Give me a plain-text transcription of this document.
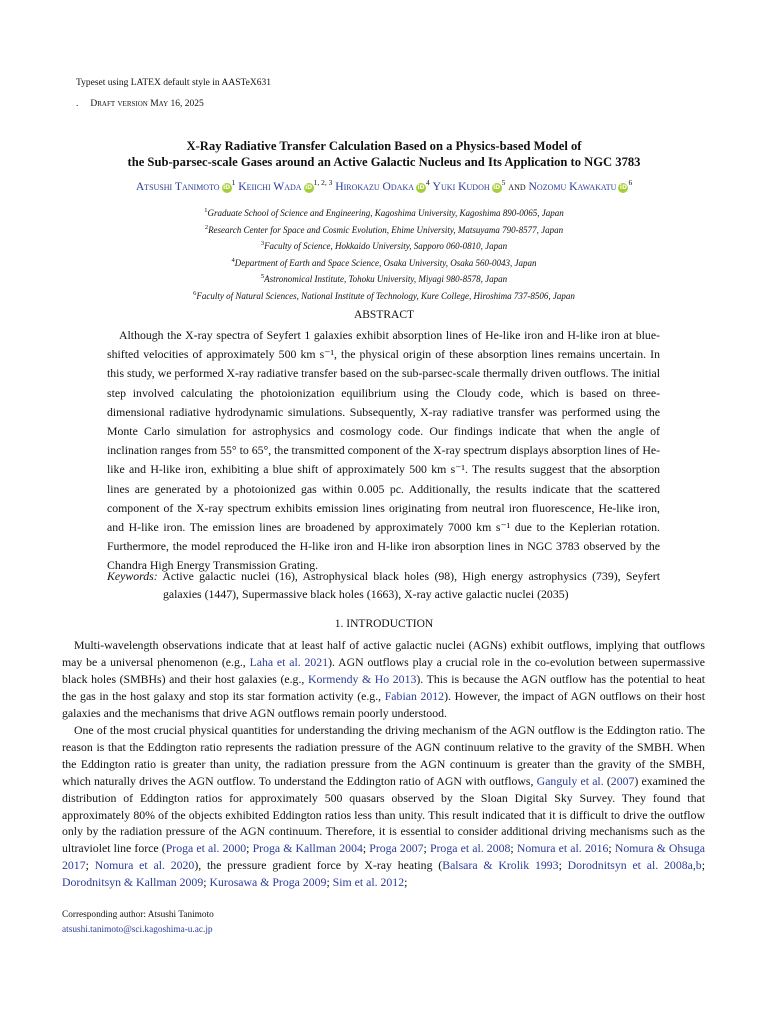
Typeset using LATEX default style in AASTeX631
. Draft version May 16, 2025
X-Ray Radiative Transfer Calculation Based on a Physics-based Model of
the Sub-parsec-scale Gases around an Active Galactic Nucleus and Its Application to NGC 3783
Atsushi Tanimoto $iD^1$ Keiichi Wada iD$^{1, 2, 3}$ Hirokazu Odaka $iD^4$ Yuki Kudoh $iD^5$ and Nozomu Kawakatu $iD^6$
$^1$Graduate School of Science and Engineering, Kagoshima University, Kagoshima 890-0065, Japan
$^2$Research Center for Space and Cosmic Evolution, Ehime University, Matsuyama 790-8577, Japan
$^3$Faculty of Science, Hokkaido University, Sapporo 060-0810, Japan
$^4$Department of Earth and Space Science, Osaka University, Osaka 560-0043, Japan
$^5$Astronomical Institute, Tohoku University, Miyagi 980-8578, Japan
$^6$Faculty of Natural Sciences, National Institute of Technology, Kure College, Hiroshima 737-8506, Japan
ABSTRACT
Although the X-ray spectra of Seyfert 1 galaxies exhibit absorption lines of He-like iron and H-like iron at blue-shifted velocities of approximately 500 km s⁻¹, the physical origin of these absorption lines remains uncertain. In this study, we performed X-ray radiative transfer based on the sub-parsec-scale thermally driven outflows. The initial step involved calculating the photoionization equilibrium using the Cloudy code, which is based on three-dimensional radiative hydrodynamic simulations. Subsequently, X-ray radiative transfer was performed using the Monte Carlo simulation for astrophysics and cosmology code. Our findings indicate that when the angle of inclination ranges from 55° to 65°, the transmitted component of the X-ray spectrum displays absorption lines of He-like and H-like iron, exhibiting a blue shift of approximately 500 km s⁻¹. The results suggest that the absorption lines are generated by a photoionized gas within 0.005 pc. Additionally, the results indicate that the scattered component of the X-ray spectrum exhibits emission lines originating from neutral iron fluorescence, He-like iron, and H-like iron. The emission lines are broadened by approximately 7000 km s⁻¹ due to the Keplerian rotation. Furthermore, the model reproduced the H-like iron and H-like iron absorption lines in NGC 3783 observed by the Chandra High Energy Transmission Grating.
Keywords: Active galactic nuclei (16), Astrophysical black holes (98), High energy astrophysics (739), Seyfert galaxies (1447), Supermassive black holes (1663), X-ray active galactic nuclei (2035)
1. INTRODUCTION

Multi-wavelength observations indicate that at least half of active galactic nuclei (AGNs) exhibit outflows, implying that outflows may be a universal phenomenon (e.g., Laha et al. 2021). AGN outflows play a crucial role in the co-evolution between supermassive black holes (SMBHs) and their host galaxies (e.g., Kormendy & Ho 2013). This is because the AGN outflow has the potential to heat the gas in the host galaxy and stop its star formation activity (e.g., Fabian 2012). However, the impact of AGN outflows on their host galaxies and the mechanisms that drive AGN outflows remain poorly understood.

One of the most crucial physical quantities for understanding the driving mechanism of the AGN outflow is the Eddington ratio. The reason is that the Eddington ratio represents the radiation pressure of the AGN continuum relative to the gravity of the SMBH. When the Eddington ratio is greater than unity, the radiation pressure from the AGN continuum is greater than the gravity of the SMBH, which naturally drives the AGN outflow. To understand the Eddington ratio of AGN with outflows, Ganguly et al. (2007) examined the distribution of Eddington ratios for approximately 500 quasars observed by the Sloan Digital Sky Survey. They found that approximately 80% of the objects exhibited Eddington ratios less than unity. This result indicated that it is difficult to drive the outflow only by the radiation pressure of the AGN continuum. Therefore, it is essential to consider additional driving mechanisms such as the ultraviolet line force (Proga et al. 2000; Proga & Kallman 2004; Proga 2007; Proga et al. 2008; Nomura et al. 2016; Nomura & Ohsuga 2017; Nomura et al. 2020), the pressure gradient force by X-ray heating (Balsara & Krolik 1993; Dorodnitsyn et al. 2008a,b; Dorodnitsyn & Kallman 2009; Kurosawa & Proga 2009; Sim et al. 2012;

Corresponding author: Atsushi Tanimoto
atsushi.tanimoto@sci.kagoshima-u.ac.jp
